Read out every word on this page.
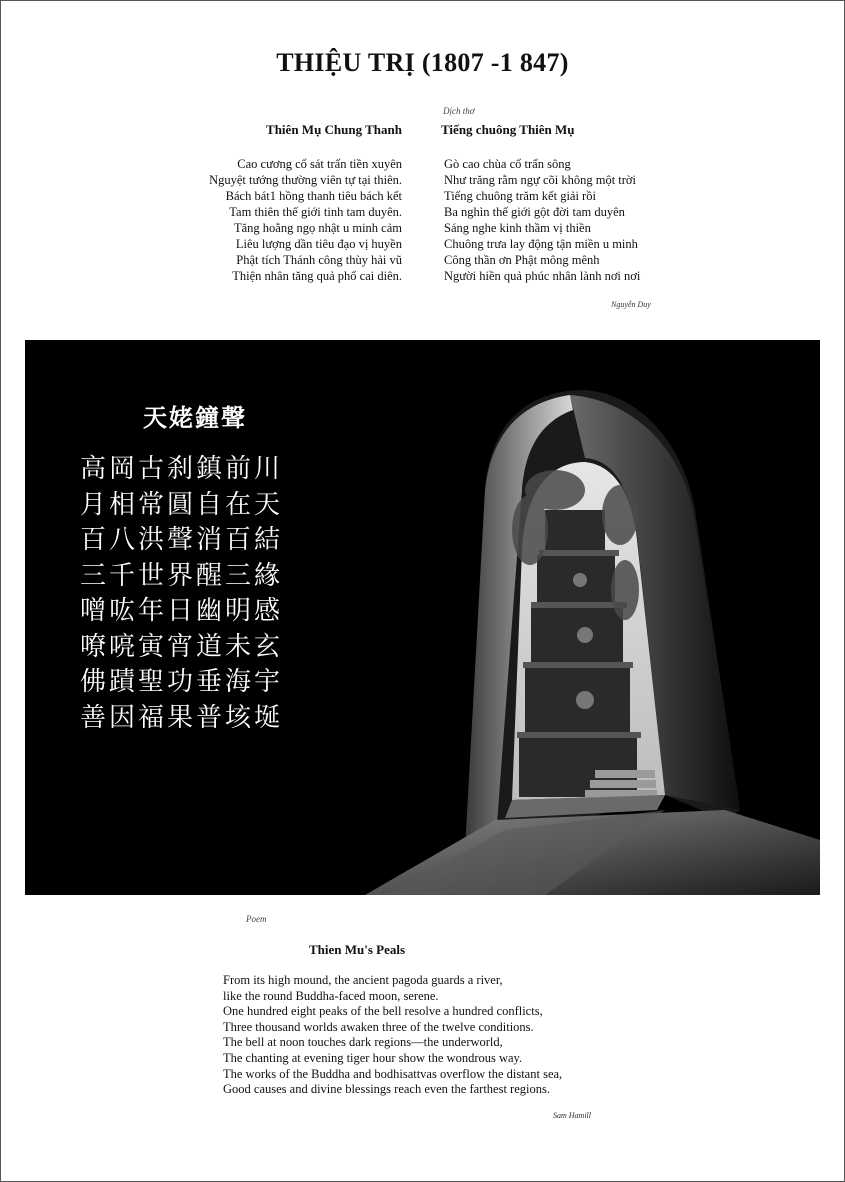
THIỆU TRỊ (1807 -1 847)
Dịch thơ
Thiên Mụ Chung Thanh
Cao cương cổ sát trấn tiền xuyên
Nguyệt tướng thường viên tự tại thiên.
Bách bát1 hồng thanh tiêu bách kết
Tam thiên thế giới tinh tam duyên.
Tăng hoằng ngọ nhật u minh cảm
Liêu lượng dần tiêu đạo vị huyền
Phật tích Thánh công thùy hải vũ
Thiện nhân tăng quả phổ cai diên.
Tiếng chuông Thiên Mụ
Gò cao chùa cổ trấn sông
Như trăng rằm ngự cõi không một trời
Tiếng chuông trăm kết giải rồi
Ba nghìn thế giới gột đời tam duyên
Sáng nghe kinh thầm vị thiền
Chuông trưa lay động tận miền u minh
Công thần ơn Phật mông mênh
Người hiền quả phúc nhân lành nơi nơi
Nguyễn Duy
天姥鐘聲
高岡古刹鎮前川
月相常圓自在天
百八洪聲消百結
三千世界醒三緣
噌吰年日幽明感
嘹喨寅宵道未玄
佛蹟聖功垂海宇
善因福果普垓埏
Poem
Thien Mu's Peals
From its high mound, the ancient pagoda guards a river,
like the round Buddha-faced moon, serene.
One hundred eight peaks of the bell resolve a hundred conflicts,
Three thousand worlds awaken three of the twelve conditions.
The bell at noon touches dark regions—the underworld,
The chanting at evening tiger hour show the wondrous way.
The works of the Buddha and bodhisattvas overflow the distant sea,
Good causes and divine blessings reach even the farthest regions.
Sam Hamill
